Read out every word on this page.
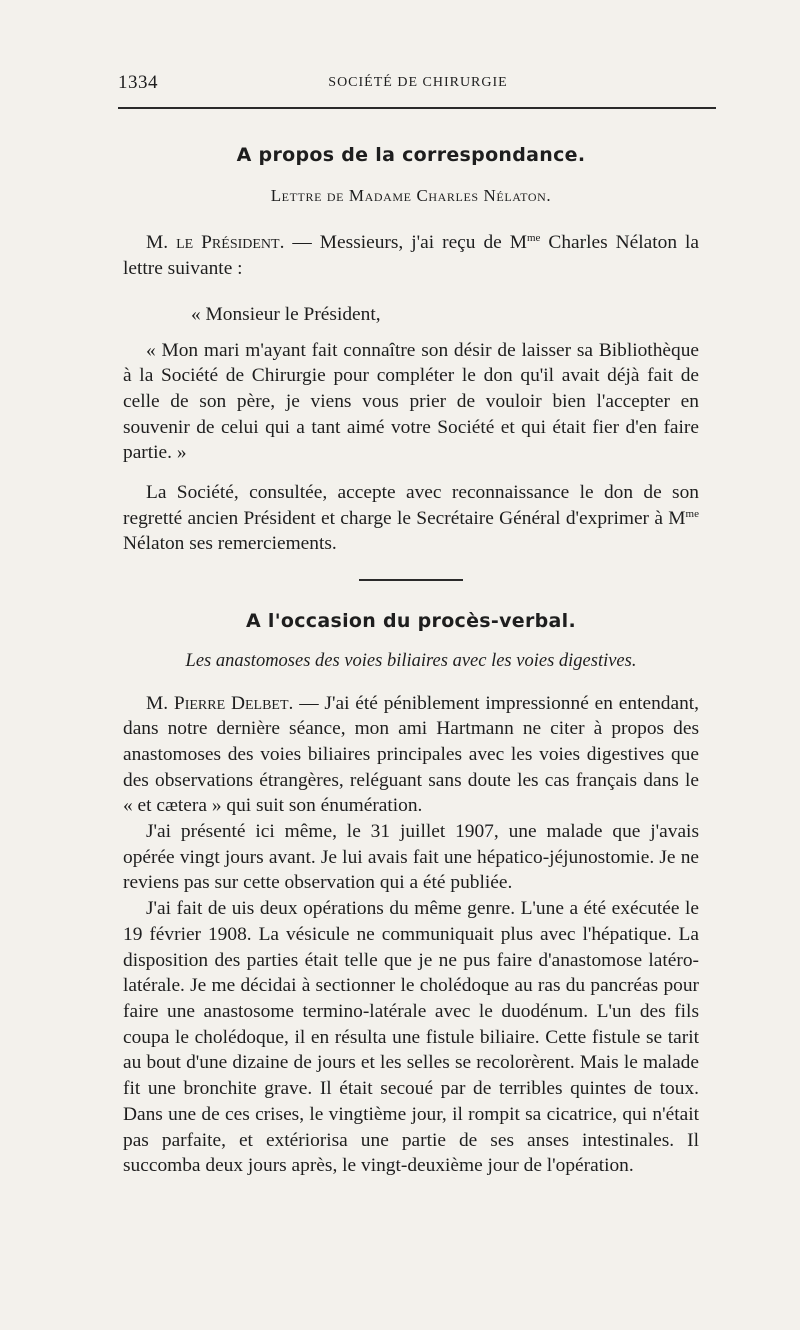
1334	SOCIÉTÉ DE CHIRURGIE
A propos de la correspondance.
Lettre de Madame Charles Nélaton.

M. le Président. — Messieurs, j'ai reçu de $M^{me}$ Charles Nélaton la lettre suivante :

« Monsieur le Président,

« Mon mari m'ayant fait connaître son désir de laisser sa Bibliothèque à la Société de Chirurgie pour compléter le don qu'il avait déjà fait de celle de son père, je viens vous prier de vouloir bien l'accepter en souvenir de celui qui a tant aimé votre Société et qui était fier d'en faire partie. »

La Société, consultée, accepte avec reconnaissance le don de son regretté ancien Président et charge le Secrétaire Général d'exprimer à $M^{me}$ Nélaton ses remerciements.

A l'occasion du procès-verbal.
Les anastomoses des voies biliaires avec les voies digestives.

M. Pierre Delbet. — J'ai été péniblement impressionné en entendant, dans notre dernière séance, mon ami Hartmann ne citer à propos des anastomoses des voies biliaires principales avec les voies digestives que des observations étrangères, reléguant sans doute les cas français dans le « et cætera » qui suit son énumération.

J'ai présenté ici même, le 31 juillet 1907, une malade que j'avais opérée vingt jours avant. Je lui avais fait une hépatico-jéjunostomie. Je ne reviens pas sur cette observation qui a été publiée.

J'ai fait de uis deux opérations du même genre. L'une a été exécutée le 19 février 1908. La vésicule ne communiquait plus avec l'hépatique. La disposition des parties était telle que je ne pus faire d'anastomose latéro-latérale. Je me décidai à sectionner le cholédoque au ras du pancréas pour faire une anastosome termino-latérale avec le duodénum. L'un des fils coupa le cholédoque, il en résulta une fistule biliaire. Cette fistule se tarit au bout d'une dizaine de jours et les selles se recolorèrent. Mais le malade fit une bronchite grave. Il était secoué par de terribles quintes de toux. Dans une de ces crises, le vingtième jour, il rompit sa cicatrice, qui n'était pas parfaite, et extériorisa une partie de ses anses intestinales. Il succomba deux jours après, le vingt-deuxième jour de l'opération.
